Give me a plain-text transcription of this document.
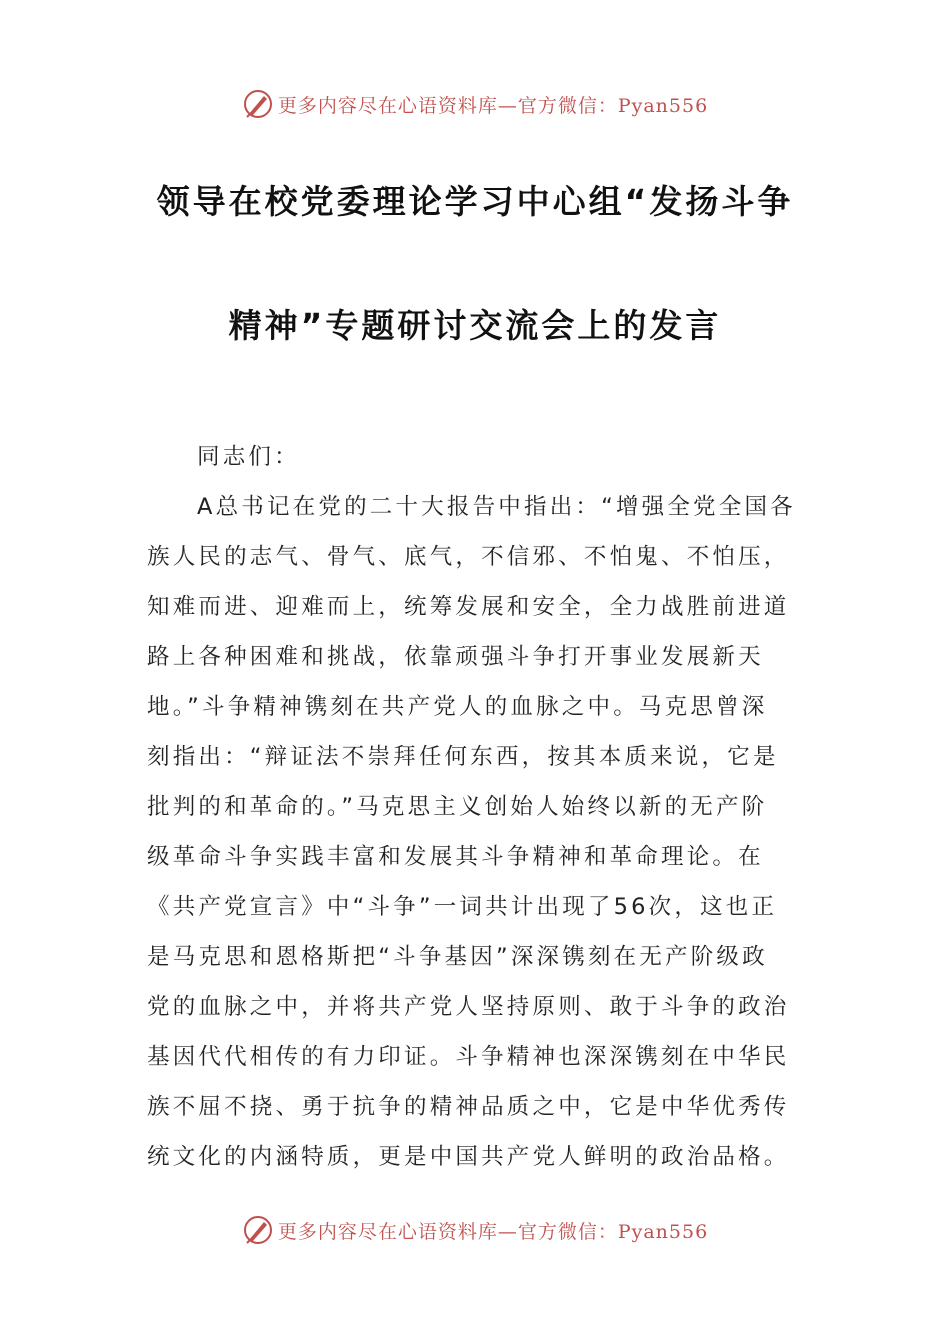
更多内容尽在心语资料库—官方微信：Pyan556
领导在校党委理论学习中心组“发扬斗争
精神”专题研讨交流会上的发言
同志们：
A总书记在党的二十大报告中指出：“增强全党全国各
族人民的志气、骨气、底气，不信邪、不怕鬼、不怕压，
知难而进、迎难而上，统筹发展和安全，全力战胜前进道
路上各种困难和挑战，依靠顽强斗争打开事业发展新天
地。”斗争精神镌刻在共产党人的血脉之中。马克思曾深
刻指出：“辩证法不崇拜任何东西，按其本质来说，它是
批判的和革命的。”马克思主义创始人始终以新的无产阶
级革命斗争实践丰富和发展其斗争精神和革命理论。在
《共产党宣言》中“斗争”一词共计出现了56次，这也正
是马克思和恩格斯把“斗争基因”深深镌刻在无产阶级政
党的血脉之中，并将共产党人坚持原则、敢于斗争的政治
基因代代相传的有力印证。斗争精神也深深镌刻在中华民
族不屈不挠、勇于抗争的精神品质之中，它是中华优秀传
统文化的内涵特质，更是中国共产党人鲜明的政治品格。
更多内容尽在心语资料库—官方微信：Pyan556
